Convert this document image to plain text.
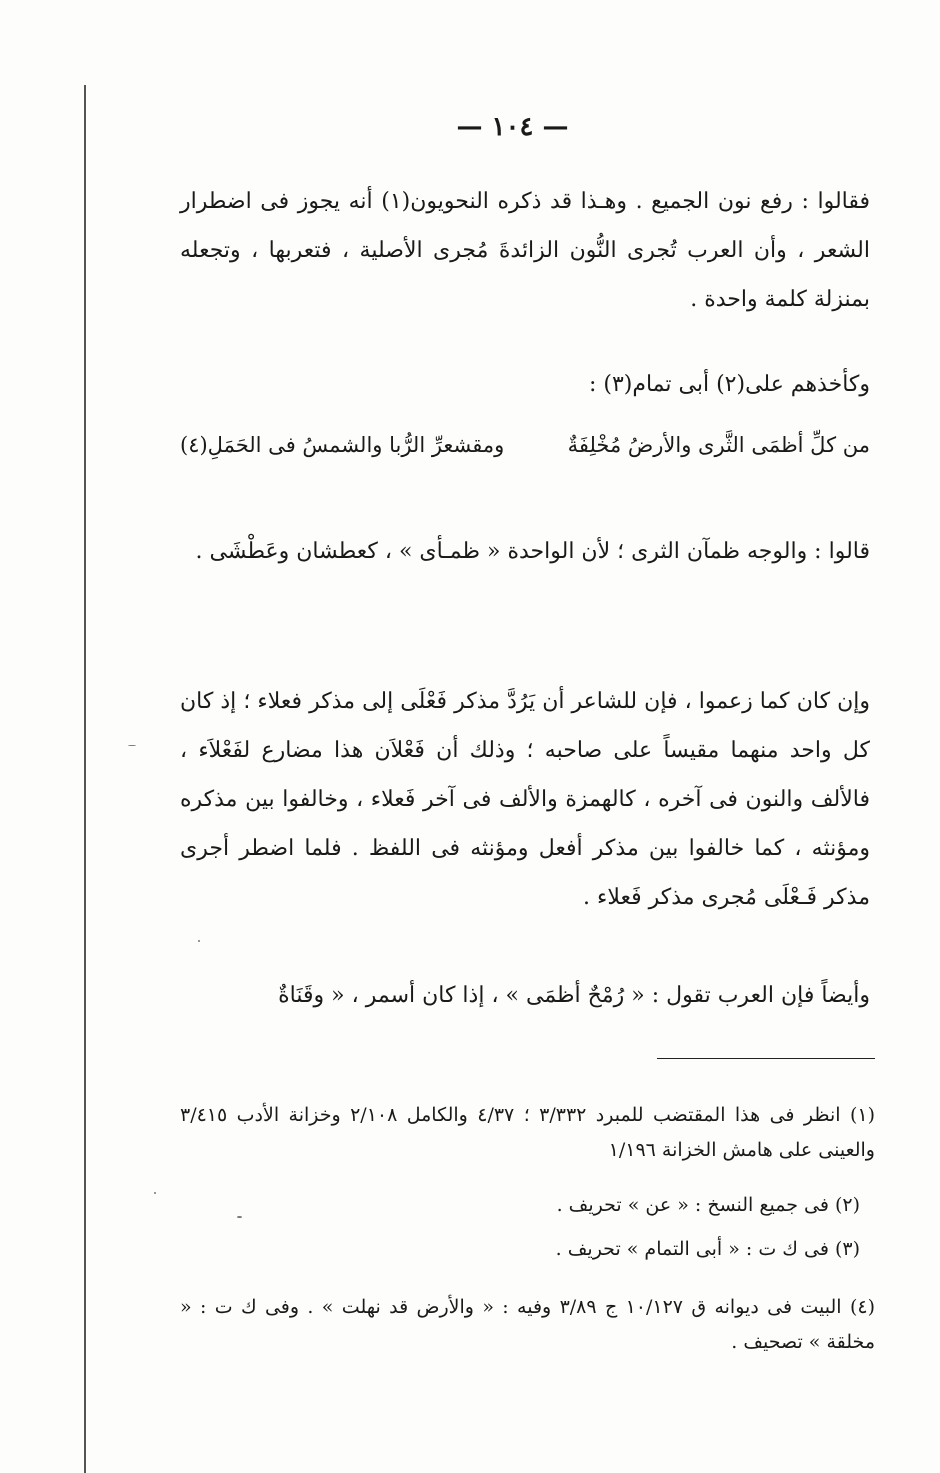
— ١٠٤ —
فقالوا : رفع نون الجميع . وهـذا قد ذكره النحويون(١) أنه يجوز فى اضطرار الشعر ، وأن العرب تُجرى النُّون الزائدةَ مُجرى الأصلية ، فتعربها ، وتجعله بمنزلة كلمة واحدة .
وكأخذهم على(٢) أبى تمام(٣) :
من كلِّ أظمَى الثَّرى والأرضُ مُخْلِفَةٌ
ومقشعرِّ الرُّبا والشمسُ فى الحَمَلِ(٤)
قالوا : والوجه ظمآن الثرى ؛ لأن الواحدة « ظمـأى » ، كعطشان وعَطْشَى .
وإن كان كما زعموا ، فإن للشاعر أن يَرُدَّ مذكر فَعْلَى إلى مذكر فعلاء ؛ إذ كان كل واحد منهما مقيساً على صاحبه ؛ وذلك أن فَعْلاَن هذا مضارع لفَعْلاَء ، فالألف والنون فى آخره ، كالهمزة والألف فى آخر فَعلاء ، وخالفوا بين مذكره ومؤنثه ، كما خالفوا بين مذكر أفعل ومؤنثه فى اللفظ . فلما اضطر أجرى مذكر فَـعْلَى مُجرى مذكر فَعلاء .
وأيضاً فإن العرب تقول : « رُمْحٌ أظمَى » ، إذا كان أسمر ، « وقَنَاةٌ
(١) انظر فى هذا المقتضب للمبرد ٣/٣٣٢ ؛ ٤/٣٧ والكامل ٢/١٠٨ وخزانة الأدب ٣/٤١٥ والعينى على هامش الخزانة ١/١٩٦
(٢) فى جميع النسخ : « عن » تحريف .
(٣) فى ك ت : « أبى التمام » تحريف .
(٤) البيت فى ديوانه ق ١٠/١٢٧ ج ٣/٨٩ وفيه : « والأرض قد نهلت » . وفى ك ت : « مخلقة » تصحيف .
